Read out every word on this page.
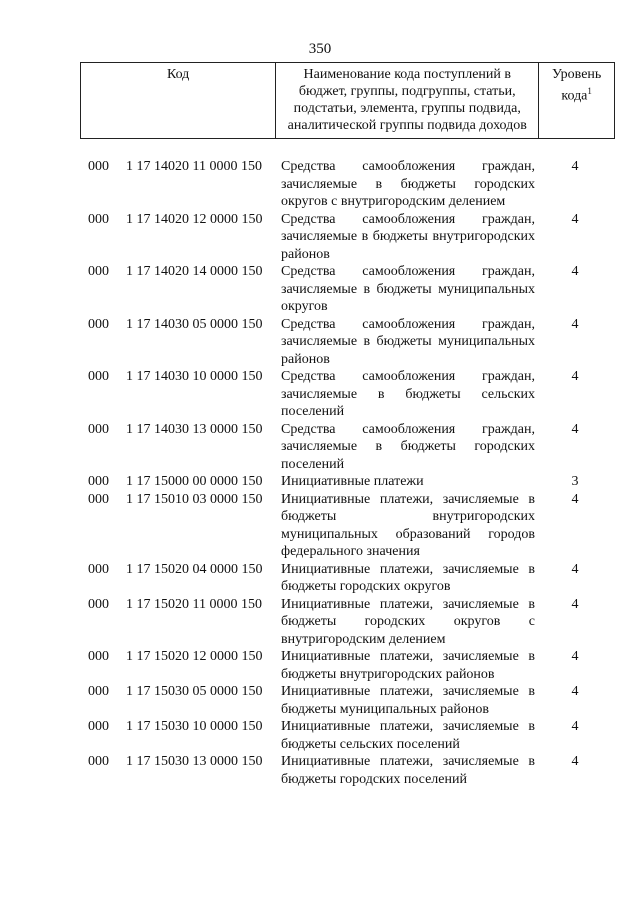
350
Код	Наименование кода поступлений в бюджет, группы, подгруппы, статьи, подстатьи, элемента, группы подвида, аналитической группы подвида доходов
Уровень кода$^1$
000 1 17 14020 11 0000 150 Средства самообложения граждан, зачисляемые в бюджеты городских округов с внутригородским делением
4
000 1 17 14020 12 0000 150 Средства самообложения граждан, зачисляемые в бюджеты внутригородских районов
4
000 1 17 14020 14 0000 150 Средства самообложения граждан, зачисляемые в бюджеты муниципальных округов
4
000 1 17 14030 05 0000 150 Средства самообложения граждан, зачисляемые в бюджеты муниципальных районов
4
000 1 17 14030 10 0000 150 Средства самообложения граждан, зачисляемые в бюджеты сельских поселений
4
000 1 17 14030 13 0000 150 Средства самообложения граждан, зачисляемые в бюджеты городских поселений
4
000 1 17 15000 00 0000 150 Инициативные платежи	3
000 1 17 15010 03 0000 150 Инициативные платежи, зачисляемые в бюджеты внутригородских муниципальных образований городов федерального значения
4
000 1 17 15020 04 0000 150 Инициативные платежи, зачисляемые в бюджеты городских округов
4
000 1 17 15020 11 0000 150 Инициативные платежи, зачисляемые в бюджеты городских округов с внутригородским делением
4
000 1 17 15020 12 0000 150 Инициативные платежи, зачисляемые в бюджеты внутригородских районов
4
000 1 17 15030 05 0000 150 Инициативные платежи, зачисляемые в бюджеты муниципальных районов
4
000 1 17 15030 10 0000 150 Инициативные платежи, зачисляемые в бюджеты сельских поселений
4
000 1 17 15030 13 0000 150 Инициативные платежи, зачисляемые в бюджеты городских поселений
4
